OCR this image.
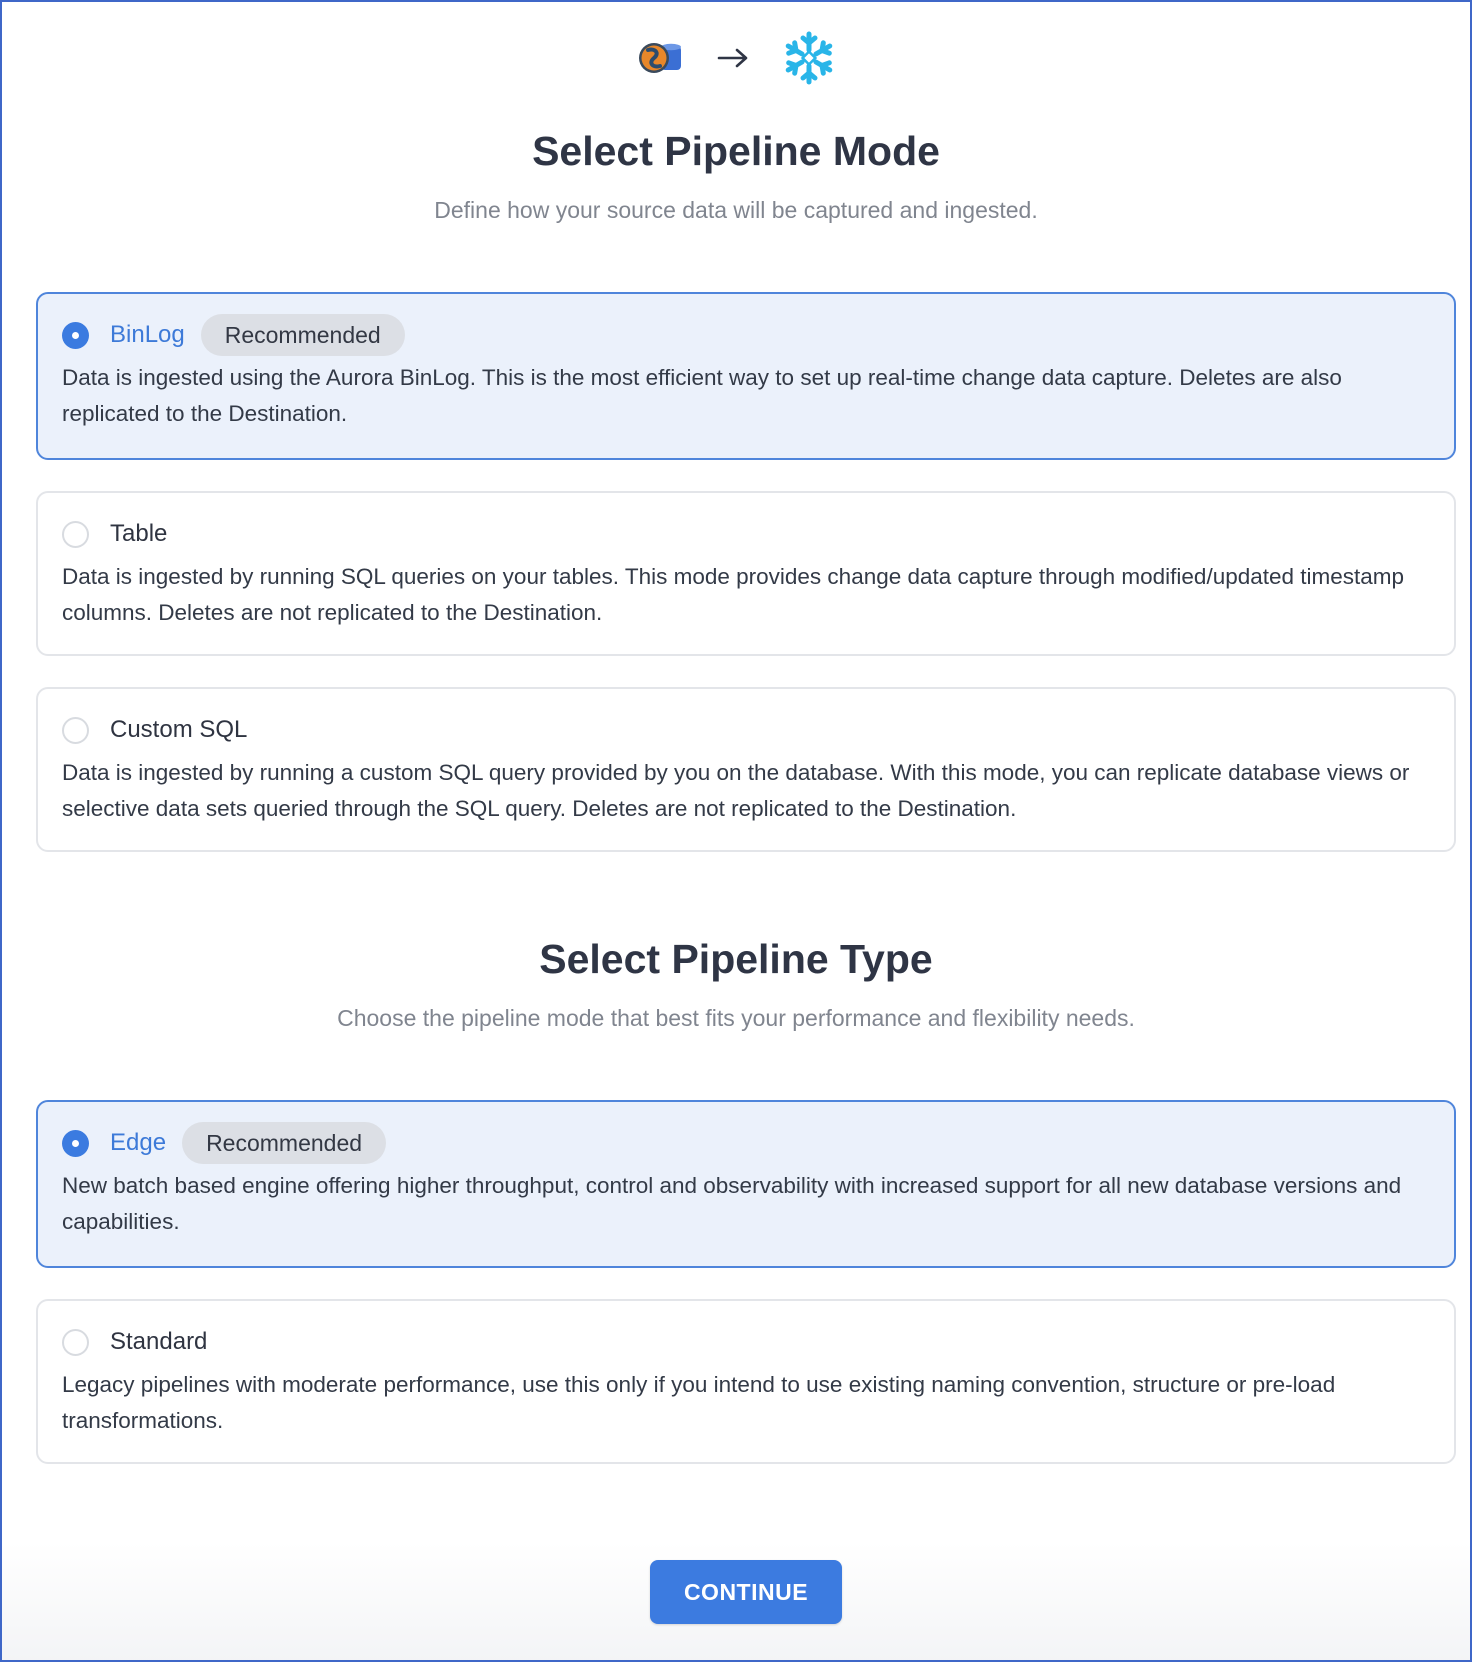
Select Pipeline Mode
Define how your source data will be captured and ingested.
BinLog	Recommended
Data is ingested using the Aurora BinLog. This is the most efficient way to set up real-time change data capture. Deletes are also replicated to the Destination.
Table
Data is ingested by running SQL queries on your tables. This mode provides change data capture through modified/updated timestamp columns. Deletes are not replicated to the Destination.
Custom SQL
Data is ingested by running a custom SQL query provided by you on the database. With this mode, you can replicate database views or selective data sets queried through the SQL query. Deletes are not replicated to the Destination.
Select Pipeline Type
Choose the pipeline mode that best fits your performance and flexibility needs.
Edge	Recommended
New batch based engine offering higher throughput, control and observability with increased support for all new database versions and capabilities.
Standard
Legacy pipelines with moderate performance, use this only if you intend to use existing naming convention, structure or pre-load transformations.
CONTINUE
